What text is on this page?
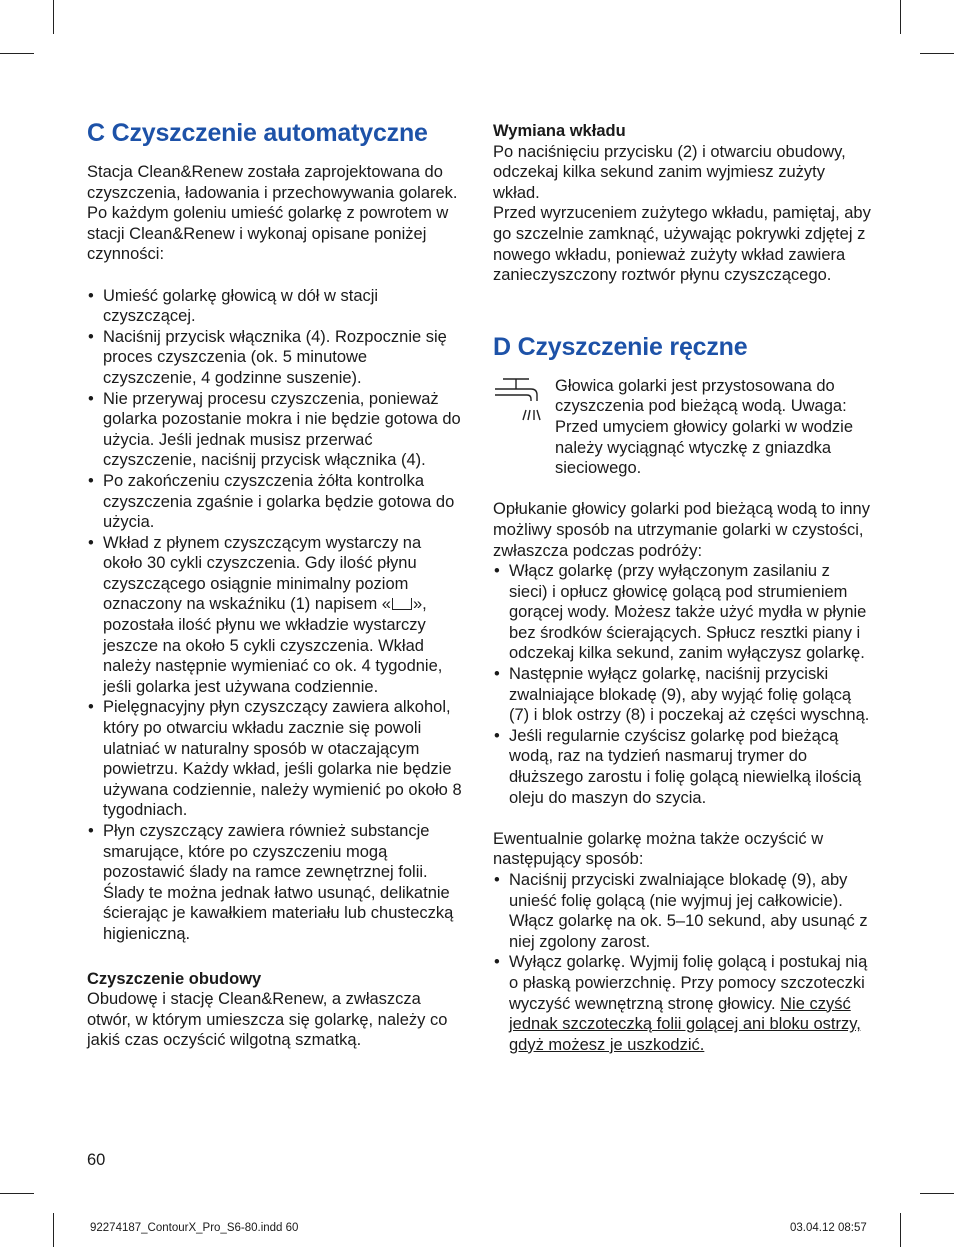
C Czyszczenie automatyczne

Stacja Clean&Renew została zaprojektowana do czyszczenia, ładowania i przechowywania golarek. Po każdym goleniu umieść golarkę z powrotem w stacji Clean&Renew i wykonaj opisane poniżej czynności:

• Umieść golarkę głowicą w dół w stacji czyszczącej.
• Naciśnij przycisk włącznika (4). Rozpocznie się proces czyszczenia (ok. 5 minutowe czyszczenie, 4 godzinne suszenie).
• Nie przerywaj procesu czyszczenia, ponieważ golarka pozostanie mokra i nie będzie gotowa do użycia. Jeśli jednak musisz przerwać czyszczenie, naciśnij przycisk włącznika (4).
• Po zakończeniu czyszczenia żółta kontrolka czyszczenia zgaśnie i golarka będzie gotowa do użycia.
• Wkład z płynem czyszczącym wystarczy na około 30 cykli czyszczenia. Gdy ilość płynu czyszczącego osiągnie minimalny poziom oznaczony na wskaźniku (1) napisem « », pozostała ilość płynu we wkładzie wystarczy jeszcze na około 5 cykli czyszczenia. Wkład należy następnie wymieniać co ok. 4 tygodnie, jeśli golarka jest używana codziennie.
• Pielęgnacyjny płyn czyszczący zawiera alkohol, który po otwarciu wkładu zacznie się powoli ulatniać w naturalny sposób w otaczającym powietrzu. Każdy wkład, jeśli golarka nie będzie używana codziennie, należy wymienić po około 8 tygodniach.
• Płyn czyszczący zawiera również substancje smarujące, które po czyszczeniu mogą pozostawić ślady na ramce zewnętrznej folii. Ślady te można jednak łatwo usunąć, delikatnie ścierając je kawałkiem materiału lub chusteczką higieniczną.

Czyszczenie obudowy

Obudowę i stację Clean&Renew, a zwłaszcza otwór, w którym umieszcza się golarkę, należy co jakiś czas oczyścić wilgotną szmatką.

Wymiana wkładu

Po naciśnięciu przycisku (2) i otwarciu obudowy, odczekaj kilka sekund zanim wyjmiesz zużyty wkład.

Przed wyrzuceniem zużytego wkładu, pamiętaj, aby go szczelnie zamknąć, używając pokrywki zdjętej z nowego wkładu, ponieważ zużyty wkład zawiera zanieczyszczony roztwór płynu czyszczącego.

D Czyszczenie ręczne

Głowica golarki jest przystosowana do czyszczenia pod bieżącą wodą. Uwaga: Przed umyciem głowicy golarki w wodzie należy wyciągnąć wtyczkę z gniazdka sieciowego.

Opłukanie głowicy golarki pod bieżącą wodą to inny możliwy sposób na utrzymanie golarki w czystości, zwłaszcza podczas podróży:

• Włącz golarkę (przy wyłączonym zasilaniu z sieci) i opłucz głowicę golącą pod strumieniem gorącej wody. Możesz także użyć mydła w płynie bez środków ścierających. Spłucz resztki piany i odczekaj kilka sekund, zanim wyłączysz golarkę.
• Następnie wyłącz golarkę, naciśnij przyciski zwalniające blokadę (9), aby wyjąć folię golącą (7) i blok ostrzy (8) i poczekaj aż części wyschną.
• Jeśli regularnie czyścisz golarkę pod bieżącą wodą, raz na tydzień nasmaruj trymer do dłuższego zarostu i folię golącą niewielką ilością oleju do maszyn do szycia.

Ewentualnie golarkę można także oczyścić w następujący sposób:

• Naciśnij przyciski zwalniające blokadę (9), aby unieść folię golącą (nie wyjmuj jej całkowicie). Włącz golarkę na ok. 5–10 sekund, aby usunąć z niej zgolony zarost.
• Wyłącz golarkę. Wyjmij folię golącą i postukaj nią o płaską powierzchnię. Przy pomocy szczoteczki wyczyść wewnętrzną stronę głowicy. Nie czyść jednak szczoteczką folii golącej ani bloku ostrzy, gdyż możesz je uszkodzić.
60
92274187_ContourX_Pro_S6-80.indd 60	03.04.12 08:57
